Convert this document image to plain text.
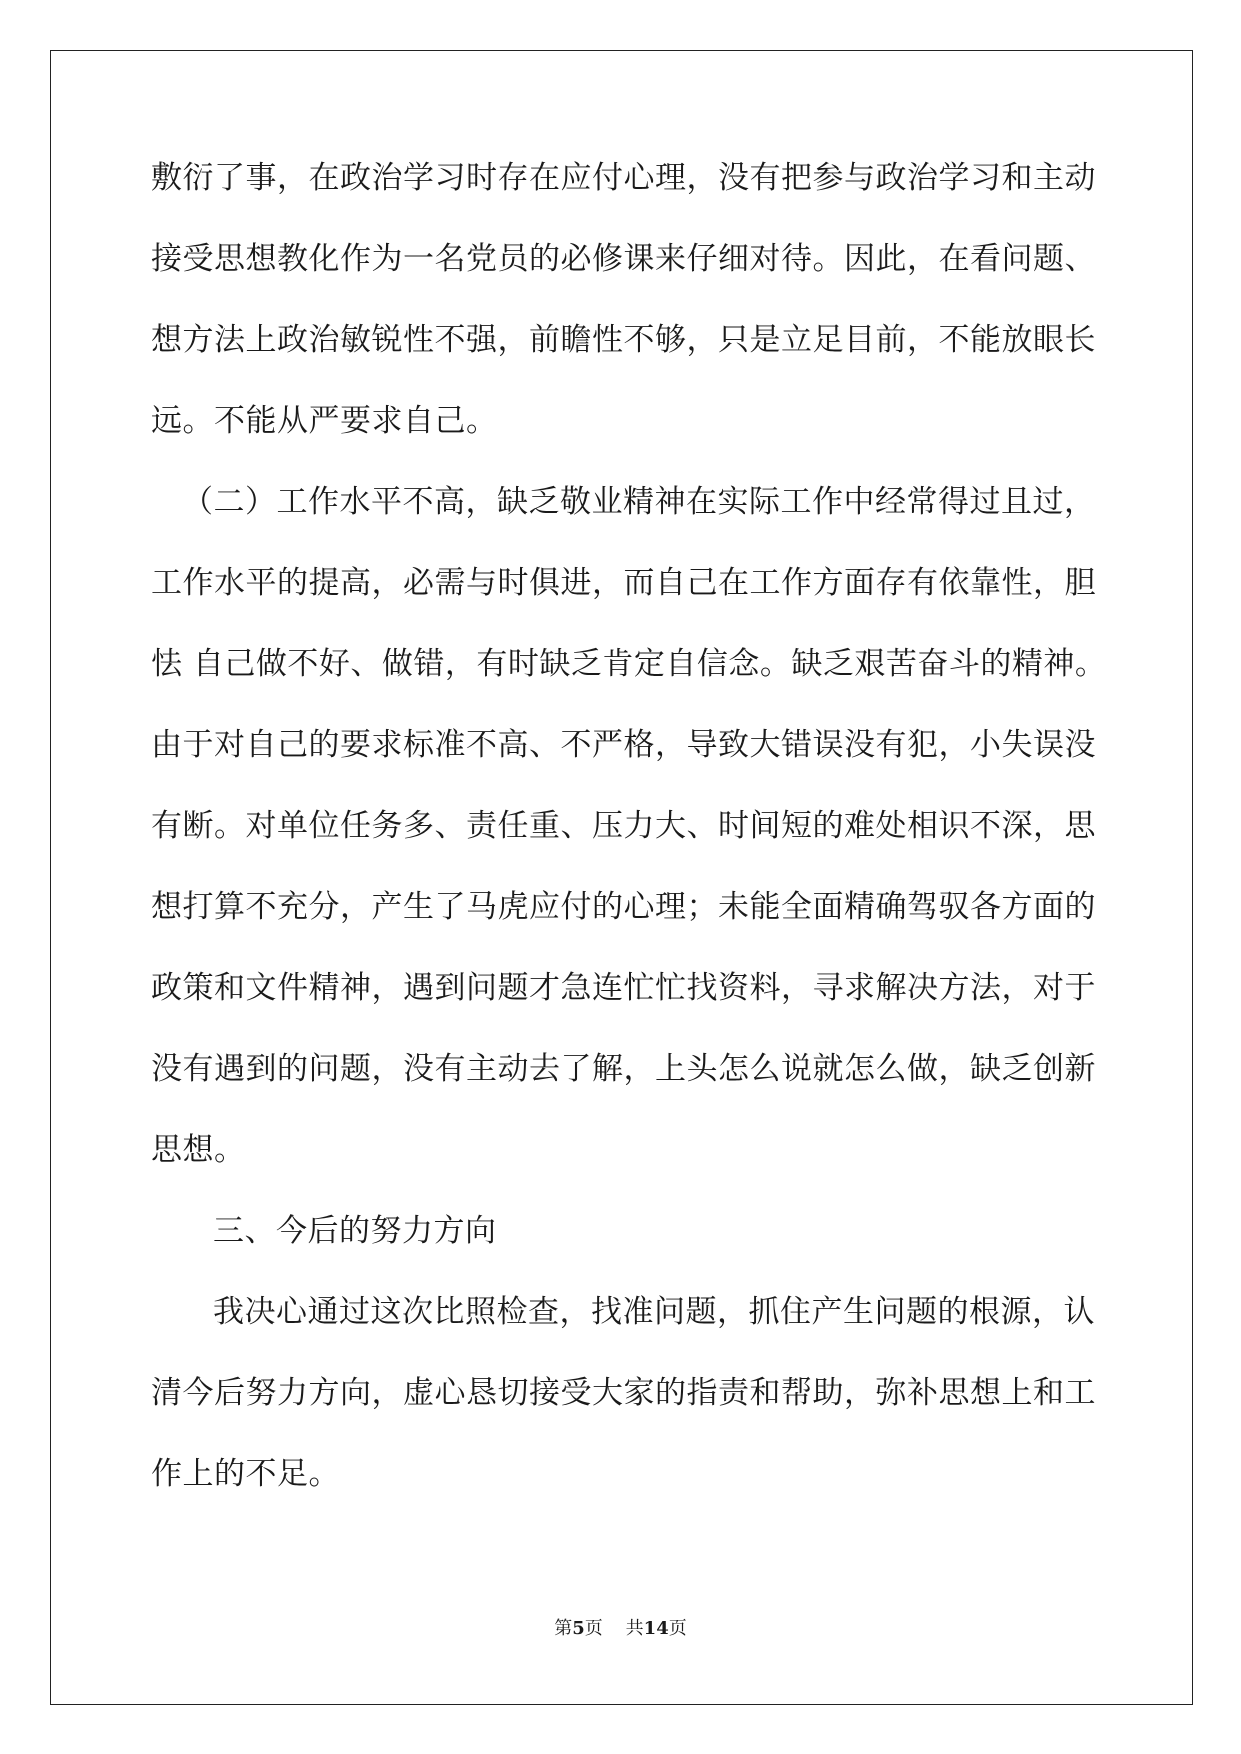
敷衍了事，在政治学习时存在应付心理，没有把参与政治学习和主动
接受思想教化作为一名党员的必修课来仔细对待。因此，在看问题、
想方法上政治敏锐性不强，前瞻性不够，只是立足目前，不能放眼长
远。不能从严要求自己。
（二）工作水平不高，缺乏敬业精神在实际工作中经常得过且过，
工作水平的提高，必需与时俱进，而自己在工作方面存有依靠性，胆
怯 自己做不好、做错，有时缺乏肯定自信念。缺乏艰苦奋斗的精神。
由于对自己的要求标准不高、不严格，导致大错误没有犯，小失误没
有断。对单位任务多、责任重、压力大、时间短的难处相识不深，思
想打算不充分，产生了马虎应付的心理；未能全面精确驾驭各方面的
政策和文件精神，遇到问题才急连忙忙找资料，寻求解决方法，对于
没有遇到的问题，没有主动去了解，上头怎么说就怎么做，缺乏创新
思想。
三、今后的努力方向
我决心通过这次比照检查，找准问题，抓住产生问题的根源，认
清今后努力方向，虚心恳切接受大家的指责和帮助，弥补思想上和工
作上的不足。
第5页 共14页
